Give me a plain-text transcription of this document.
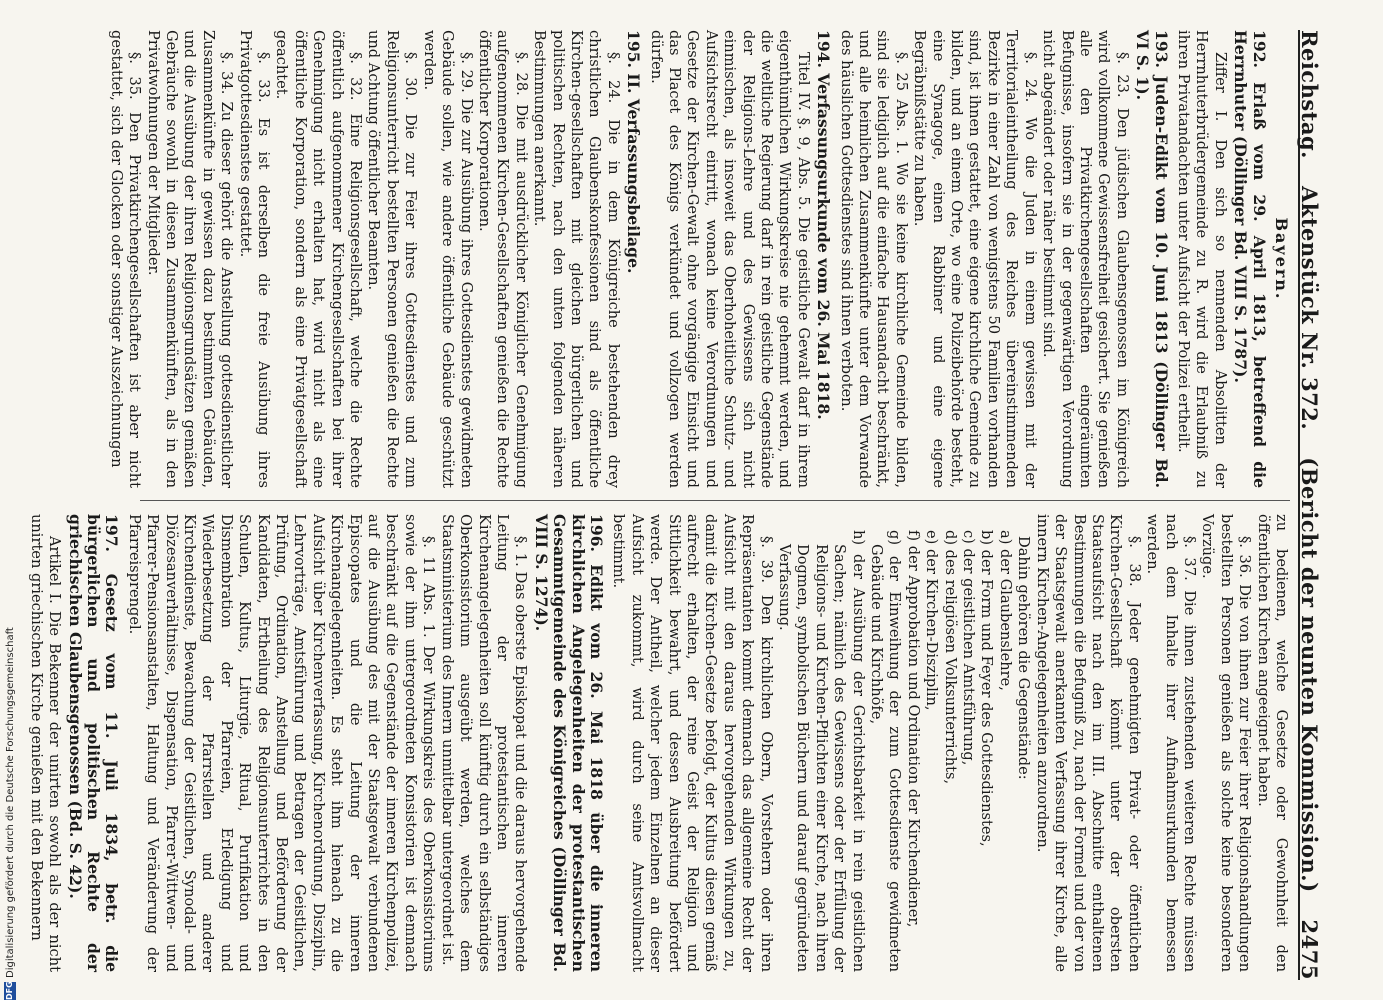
Reichstag.
Aktenstück Nr. 372.
(Bericht der neunten Kommission.)
2475
Bayern.

192. Erlaß vom 29. April 1813, betreffend die Herrnhuter (Döllinger Bd. VIII S. 1787).

Ziffer I. Den sich so nennenden Absolitten der Herrnhuterbrüdergemeinde zu R. wird die Erlaubniß zu ihren Privatandachten unter Aufsicht der Polizei ertheilt.

193. Juden-Edikt vom 10. Juni 1813 (Döllinger Bd. VI S. 1).

§. 23. Den jüdischen Glaubensgenossen im Königreich wird vollkommene Gewissensfreiheit gesichert. Sie genießen alle den Privatkirchengesellschaften eingeräumten Befugnisse, insofern sie in der gegenwärtigen Verordnung nicht abgeändert oder näher bestimmt sind.

§. 24. Wo die Juden in einem gewissen mit der Territorialeintheilung des Reiches übereinstimmenden Bezirke in einer Zahl von wenigstens 50 Familien vorhanden sind, ist ihnen gestattet, eine eigene kirchliche Gemeinde zu bilden, und an einem Orte, wo eine Polizeibehörde besteht, eine Synagoge, einen Rabbiner und eine eigene Begräbnißstätte zu haben.

§. 25 Abs. 1. Wo sie keine kirchliche Gemeinde bilden, sind sie lediglich auf die einfache Hausandacht beschränkt, und alle heimlichen Zusammenkünfte unter dem Vorwande des häuslichen Gottesdienstes sind ihnen verboten.

194. Verfassungsurkunde vom 26. Mai 1818.

Titel IV. §. 9, Abs. 5. Die geistliche Gewalt darf in ihrem eigenthümlichen Wirkungskreise nie gehemmt werden, und die weltliche Regierung darf in rein geistliche Gegenstände der Religions-Lehre und des Gewissens sich nicht einmischen, als insoweit das Oberhoheitliche Schutz- und Aufsichtsrecht eintritt, wonach keine Verordnungen und Gesetze der Kirchen-Gewalt ohne vorgängige Einsicht und das Placet des Königs verkündet und vollzogen werden dürfen.

195. II. Verfassungsbeilage.

§. 24. Die in dem Königreiche bestehenden drey christlichen Glaubenskonfessionen sind als öffentliche Kirchen-gesellschaften mit gleichen bürgerlichen und politischen Rechten, nach den unten folgenden näheren Bestimmungen anerkannt.

§. 28. Die mit ausdrücklicher Königlicher Genehmigung aufgenommenen Kirchen-Gesellschaften genießen die Rechte öffentlicher Korporationen.

§. 29. Die zur Ausübung ihres Gottesdienstes gewidmeten Gebäude sollen, wie andere öffentliche Gebäude geschützt werden.

§. 30. Die zur Feier ihres Gottesdienstes und zum Religionsunterricht bestellten Personen genießen die Rechte und Achtung öffentlicher Beamten.

§. 32. Eine Religionsgesellschaft, welche die Rechte öffentlich aufgenommener Kirchengesellschaften bei ihrer Genehmigung nicht erhalten hat, wird nicht als eine öffentliche Korporation, sondern als eine Privatgesellschaft geachtet.

§. 33. Es ist derselben die freie Ausübung ihres Privatgottesdienstes gestattet.

§. 34. Zu dieser gehört die Anstellung gottesdienstlicher Zusammenkünfte in gewissen dazu bestimmten Gebäuden, und die Ausübung der ihren Religionsgrundsätzen gemäßen Gebräuche sowohl in diesen Zusammenkünften, als in den Privatwohnungen der Mitglieder.

§. 35. Den Privatkirchengesellschaften ist aber nicht gestattet, sich der Glocken oder sonstiger Auszeichnungen

zu bedienen, welche Gesetze oder Gewohnheit den öffentlichen Kirchen angeeignet haben.

§. 36. Die von ihnen zur Feier ihrer Religionshandlungen bestellten Personen genießen als solche keine besonderen Vorzüge.

§. 37. Die ihnen zustehenden weiteren Rechte müssen nach dem Inhalte ihrer Aufnahmsurkunden bemessen werden.

§. 38. Jeder genehmigten Privat- oder öffentlichen Kirchen-Gesellschaft kömmt unter der obersten Staatsaufsicht nach den im III. Abschnitte enthaltenen Bestimmungen die Befugniß zu, nach der Formel und der von der Staatsgewalt anerkannten Verfassung ihrer Kirche, alle innern Kirchen-Angelegenheiten anzuordnen.

Dahin gehören die Gegenstände:

a) der Glaubenslehre,

b) der Form und Feyer des Gottesdienstes,

c) der geistlichen Amtsführung,

d) des religiösen Volksunterrichts,

e) der Kirchen-Disziplin,

f) der Approbation und Ordination der Kirchendiener,

g) der Einweihung der zum Gottesdienste gewidmeten Gebäude und Kirchhöfe,

h) der Ausübung der Gerichtsbarkeit in rein geistlichen Sachen; nämlich des Gewissens oder der Erfüllung der Religions- und Kirchen-Pflichten einer Kirche, nach ihren Dogmen, symbolischen Büchern und darauf gegründeten Verfassung.

§. 39. Den kirchlichen Obern, Vorstehern oder ihren Repräsentanten kommt demnach das allgemeine Recht der Aufsicht mit den daraus hervorgehenden Wirkungen zu, damit die Kirchen-Gesetze befolgt, der Kultus diesen gemäß aufrecht erhalten, der reine Geist der Religion und Sittlichkeit bewahrt, und dessen Ausbreitung befördert werde. Der Antheil, welcher jedem Einzelnen an dieser Aufsicht zukommt, wird durch seine Amtsvollmacht bestimmt.

196. Edikt vom 26. Mai 1818 über die inneren kirchlichen Angelegenheiten der protestantischen Gesammtgemeinde des Königreiches (Döllinger Bd. VIII S. 1274).

§. 1. Das oberste Episkopat und die daraus hervorgehende Leitung der protestantischen inneren Kirchenangelegenheiten soll künftig durch ein selbständiges Oberkonsistorium ausgeübt werden, welches dem Staatsministerium des Innern unmittelbar untergeordnet ist.

§. 11 Abs. 1. Der Wirkungskreis des Oberkonsistoriums sowie der ihm untergeordneten Konsistorien ist demnach beschränkt auf die Gegenstände der inneren Kirchenpolizei, auf die Ausübung des mit der Staatsgewalt verbundenen Episcopates und die Leitung der inneren Kirchenangelegenheiten. Es steht ihm hienach zu die Aufsicht über Kirchenverfassung, Kirchenordnung, Disziplin, Lehrvorträge, Amtsführung und Betragen der Geistlichen, Prüfung, Ordination, Anstellung und Beförderung der Kandidaten, Ertheilung des Religionsunterrichtes in den Schulen, Kultus, Liturgie, Ritual, Purifikation und Dismembration der Pfarreien, Erledigung und Wiederbesetzung der Pfarrstellen und anderer Kirchendienste, Bewachung der Geistlichen, Synodal- und Diözesanverhältnisse, Dispensation, Pfarrer-Wittwen- und Pfarrer-Pensionsanstalten, Haltung und Veränderung der Pfarreisprengel.

197. Gesetz vom 11. Juli 1834, betr. die bürgerlichen und politischen Rechte der griechischen Glaubensgenossen (Bd. S. 42).

Artikel I. Die Bekenner der unirten sowohl als der nicht unirten griechischen Kirche genießen mit den Bekennern

DFG
Digitalisierung gefördert durch die Deutsche Forschungsgemeinschaft
